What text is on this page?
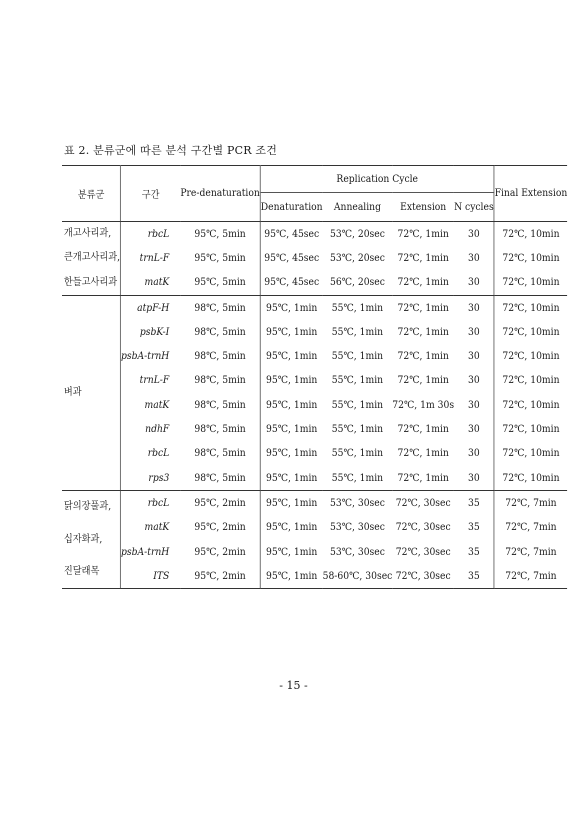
표 2. 분류군에 따른 분석 구간별 PCR 조건
분류군	구간	Pre-denaturation	Replication Cycle				Final Extension
			Denaturation	Annealing	Extension	N cycles	

개고사리과,
큰개고사리과,
한들고사리과	rbcL	95℃, 5min	95℃, 45sec	53℃, 20sec	72℃, 1min	30	72℃, 10min
	trnL-F	95℃, 5min	95℃, 45sec	53℃, 20sec	72℃, 1min	30	72℃, 10min
	matK	95℃, 5min	95℃, 45sec	56℃, 20sec	72℃, 1min	30	72℃, 10min

벼과	atpF-H	98℃, 5min	95℃, 1min	55℃, 1min	72℃, 1min	30	72℃, 10min
	psbK-I	98℃, 5min	95℃, 1min	55℃, 1min	72℃, 1min	30	72℃, 10min
	psbA-trnH	98℃, 5min	95℃, 1min	55℃, 1min	72℃, 1min	30	72℃, 10min
	trnL-F	98℃, 5min	95℃, 1min	55℃, 1min	72℃, 1min	30	72℃, 10min
	matK	98℃, 5min	95℃, 1min	55℃, 1min	72℃, 1m 30s	30	72℃, 10min
	ndhF	98℃, 5min	95℃, 1min	55℃, 1min	72℃, 1min	30	72℃, 10min
	rbcL	98℃, 5min	95℃, 1min	55℃, 1min	72℃, 1min	30	72℃, 10min
	rps3	98℃, 5min	95℃, 1min	55℃, 1min	72℃, 1min	30	72℃, 10min

닭의장풀과,
십자화과,
진달래목	rbcL	95℃, 2min	95℃, 1min	53℃, 30sec	72℃, 30sec	35	72℃, 7min
	matK	95℃, 2min	95℃, 1min	53℃, 30sec	72℃, 30sec	35	72℃, 7min
	psbA-trnH	95℃, 2min	95℃, 1min	53℃, 30sec	72℃, 30sec	35	72℃, 7min
	ITS	95℃, 2min	95℃, 1min	58-60℃, 30sec	72℃, 30sec	35	72℃, 7min
- 15 -
